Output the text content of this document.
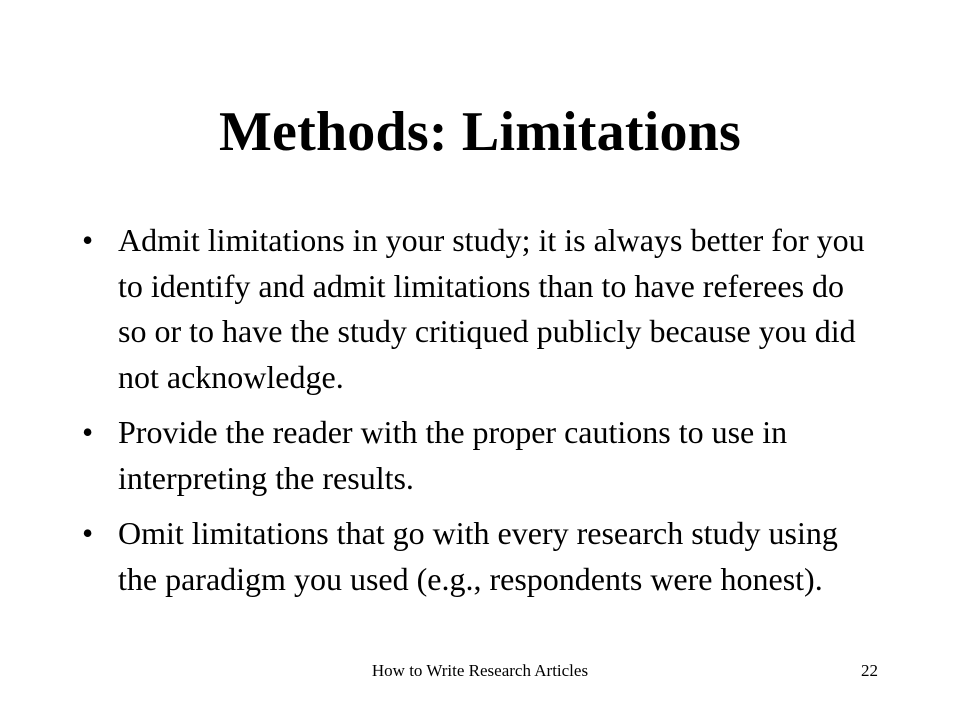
Methods: Limitations
• Admit limitations in your study; it is always better for you to identify and admit limitations than to have referees do so or to have the study critiqued publicly because you did not acknowledge.
• Provide the reader with the proper cautions to use in interpreting the results.
• Omit limitations that go with every research study using the paradigm you used (e.g., respondents were honest).
How to Write Research Articles	22
